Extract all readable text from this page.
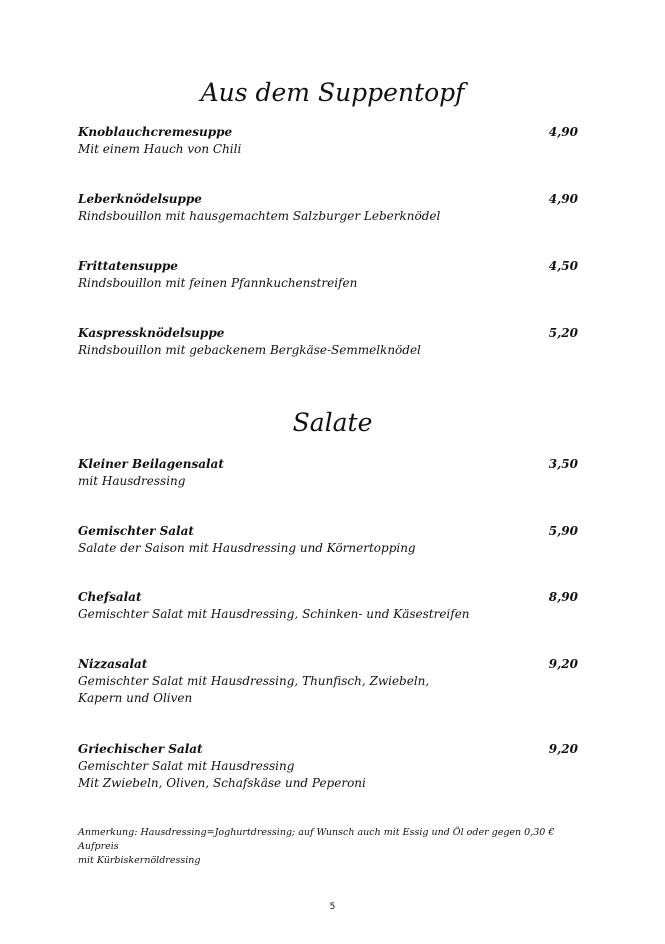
Aus dem Suppentopf
Knoblauchcremesuppe
Mit einem Hauch von Chili
4,90
Leberknödelsuppe
Rindsbouillon mit hausgemachtem Salzburger Leberknödel
4,90
Frittatensuppe
Rindsbouillon mit feinen Pfannkuchenstreifen
4,50
Kaspressknödelsuppe
Rindsbouillon mit gebackenem Bergkäse-Semmelknödel
5,20
Salate
Kleiner Beilagensalat
mit Hausdressing
3,50
Gemischter Salat
Salate der Saison mit Hausdressing und Körnertopping
5,90
Chefsalat
Gemischter Salat mit Hausdressing, Schinken- und Käsestreifen
8,90
Nizzasalat
Gemischter Salat mit Hausdressing, Thunfisch, Zwiebeln,
Kapern und Oliven
9,20
Griechischer Salat
Gemischter Salat mit Hausdressing
Mit Zwiebeln, Oliven, Schafskäse und Peperoni
9,20
Anmerkung: Hausdressing=Joghurtdressing; auf Wunsch auch mit Essig und Öl oder gegen 0,30 € Aufpreis
mit Kürbiskernöldressing
5
